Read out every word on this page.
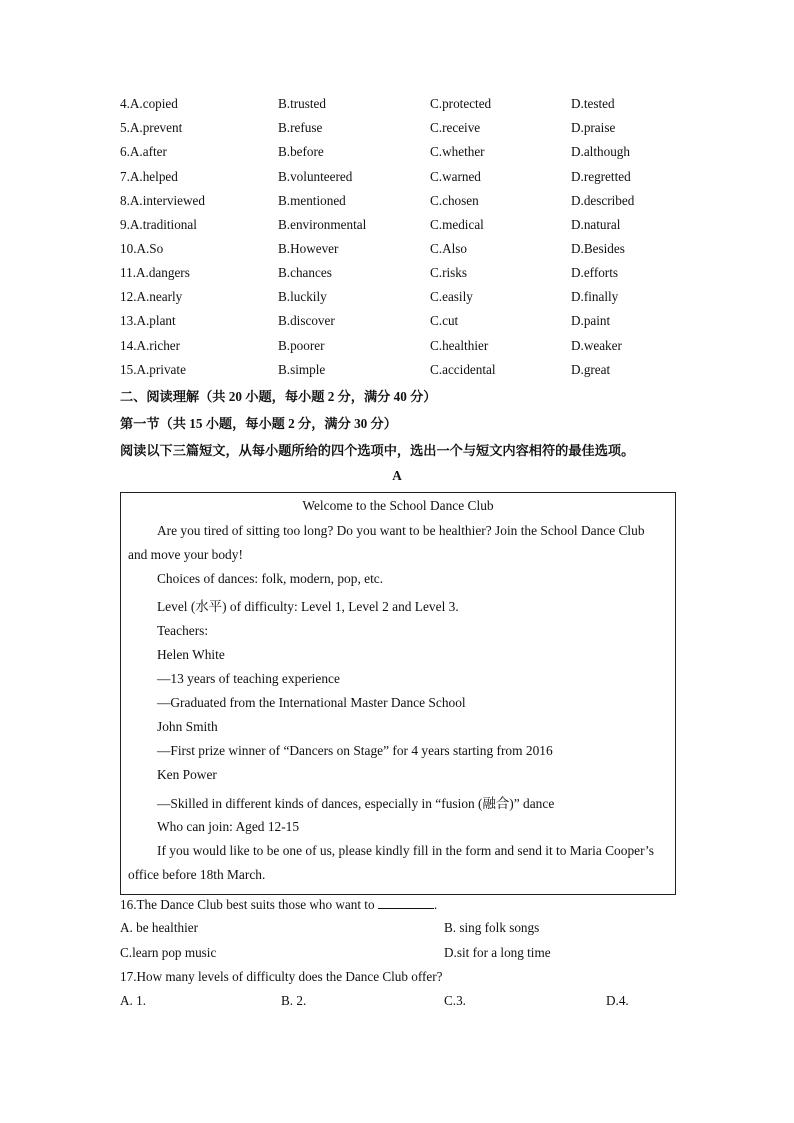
4.A.copied	B.trusted	C.protected	D.tested
5.A.prevent	B.refuse	C.receive	D.praise
6.A.after	B.before	C.whether	D.although
7.A.helped	B.volunteered	C.warned	D.regretted
8.A.interviewed	B.mentioned	C.chosen	D.described
9.A.traditional	B.environmental	C.medical	D.natural
10.A.So	B.However	C.Also	D.Besides
11.A.dangers	B.chances	C.risks	D.efforts
12.A.nearly	B.luckily	C.easily	D.finally
13.A.plant	B.discover	C.cut	D.paint
14.A.richer	B.poorer	C.healthier	D.weaker
15.A.private	B.simple	C.accidental	D.great
二、阅读理解（共 20 小题，每小题 2 分，满分 40 分）
第一节（共 15 小题，每小题 2 分，满分 30 分）
阅读以下三篇短文，从每小题所给的四个选项中，选出一个与短文内容相符的最佳选项。
A
Welcome to the School Dance Club
Are you tired of sitting too long? Do you want to be healthier? Join the School Dance Club
and move your body!
Choices of dances: folk, modern, pop, etc.
Level (水平) of difficulty: Level 1, Level 2 and Level 3.
Teachers:
Helen White
—13 years of teaching experience
—Graduated from the International Master Dance School
John Smith
—First prize winner of “Dancers on Stage” for 4 years starting from 2016
Ken Power
—Skilled in different kinds of dances, especially in “fusion (融合)” dance
Who can join: Aged 12-15
If you would like to be one of us, please kindly fill in the form and send it to Maria Cooper’s
office before 18th March.
16.The Dance Club best suits those who want to	.
A. be healthier	B. sing folk songs
C.learn pop music	D.sit for a long time
17.How many levels of difficulty does the Dance Club offer?
A. 1.	B. 2.	C.3.	D.4.
